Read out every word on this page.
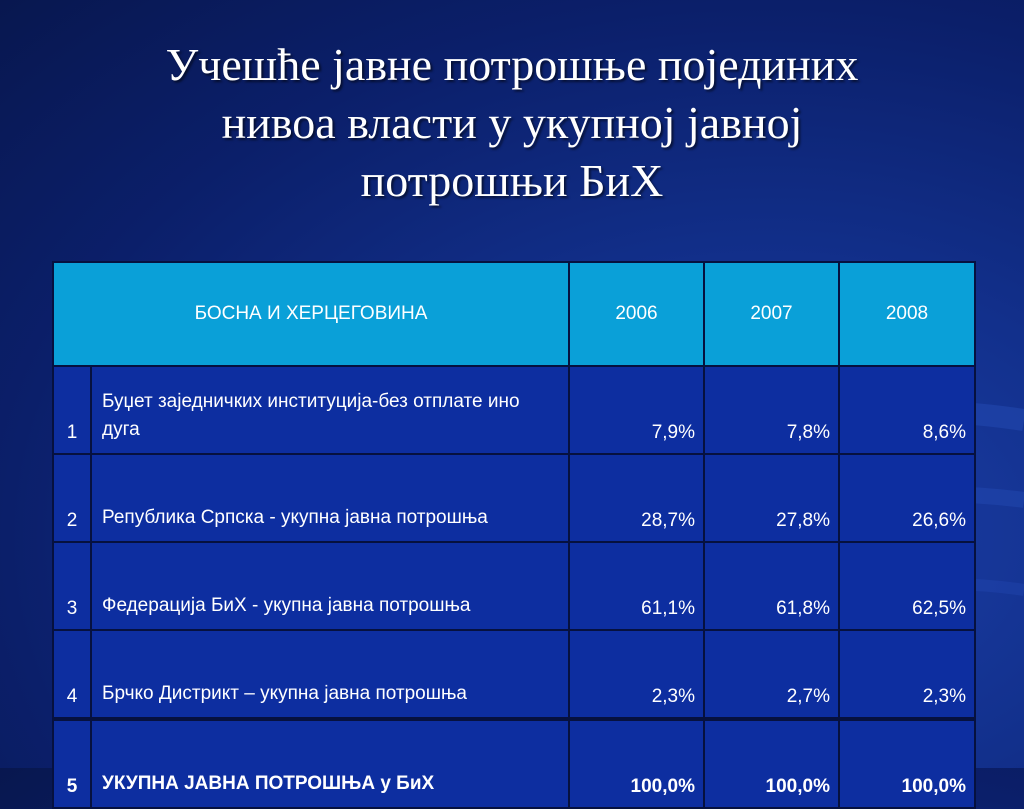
Учешће јавне потрошње појединих
нивоа власти у укупној јавној
потрошњи БиХ
БОСНА И ХЕРЦЕГОВИНА		2006	2007	2008
1	Буџет заједничких институција-без отплате ино дуга	7,9%	7,8%	8,6%
2	Република Српска - укупна јавна потрошња	28,7%	27,8%	26,6%
3	Федерација БиХ - укупна јавна потрошња	61,1%	61,8%	62,5%
4	Брчко Дистрикт – укупна јавна потрошња	2,3%	2,7%	2,3%
5	УКУПНА ЈАВНА ПОТРОШЊА у БиХ	100,0%	100,0%	100,0%
